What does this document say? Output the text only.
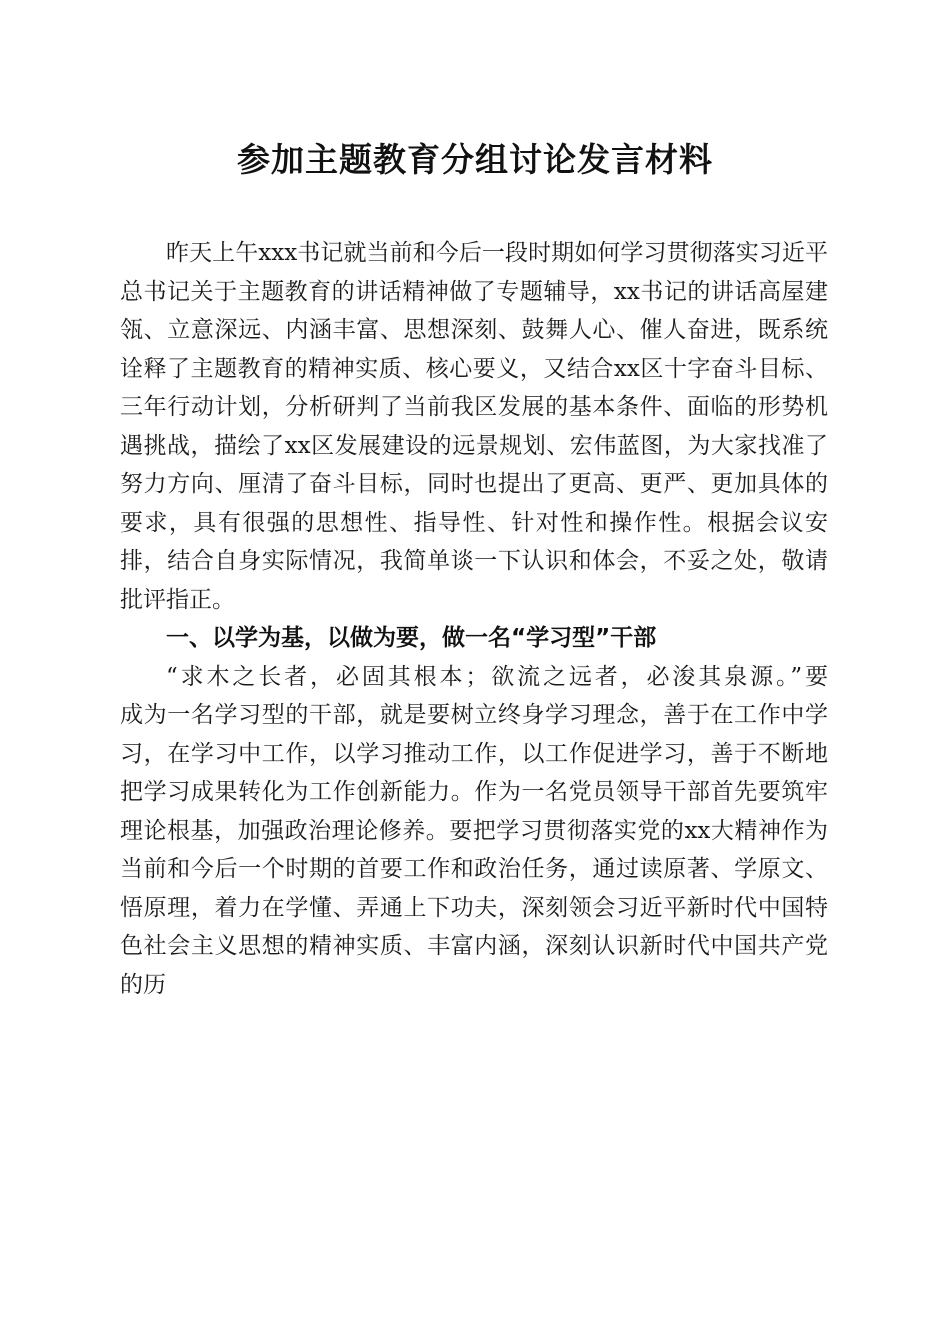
参加主题教育分组讨论发言材料

昨天上午xxx书记就当前和今后一段时期如何学习贯彻落实习近平总书记关于主题教育的讲话精神做了专题辅导，xx书记的讲话高屋建瓴、立意深远、内涵丰富、思想深刻、鼓舞人心、催人奋进，既系统诠释了主题教育的精神实质、核心要义，又结合xx区十字奋斗目标、三年行动计划，分析研判了当前我区发展的基本条件、面临的形势机遇挑战，描绘了xx区发展建设的远景规划、宏伟蓝图，为大家找准了努力方向、厘清了奋斗目标，同时也提出了更高、更严、更加具体的要求，具有很强的思想性、指导性、针对性和操作性。根据会议安排，结合自身实际情况，我简单谈一下认识和体会，不妥之处，敬请批评指正。

一、以学为基，以做为要，做一名“学习型”干部

“求木之长者，必固其根本；欲流之远者，必浚其泉源。”要成为一名学习型的干部，就是要树立终身学习理念，善于在工作中学习，在学习中工作，以学习推动工作，以工作促进学习，善于不断地把学习成果转化为工作创新能力。作为一名党员领导干部首先要筑牢理论根基，加强政治理论修养。要把学习贯彻落实党的xx大精神作为当前和今后一个时期的首要工作和政治任务，通过读原著、学原文、悟原理，着力在学懂、弄通上下功夫，深刻领会习近平新时代中国特色社会主义思想的精神实质、丰富内涵，深刻认识新时代中国共产党的历
